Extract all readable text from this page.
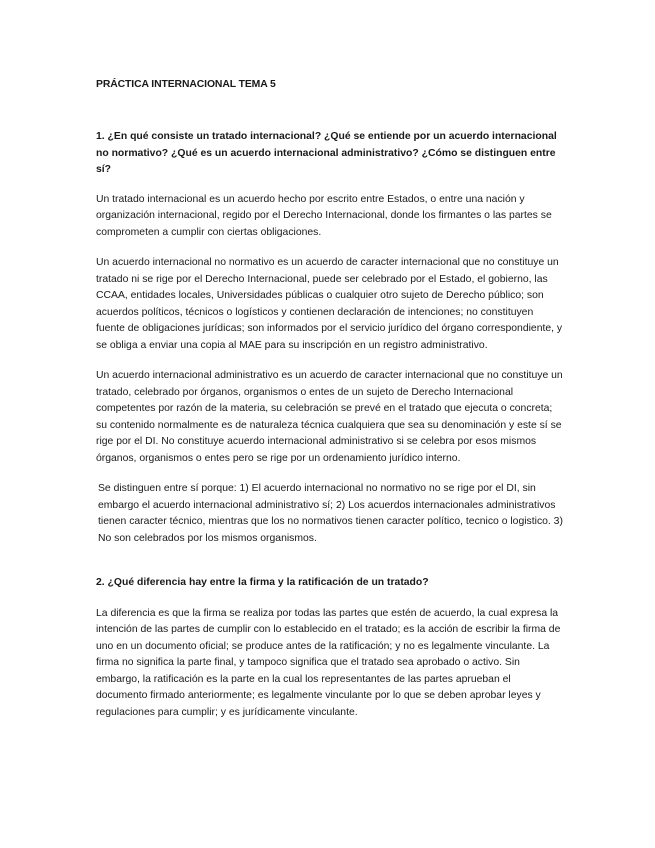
PRÁCTICA INTERNACIONAL TEMA 5

1. ¿En qué consiste un tratado internacional? ¿Qué se entiende por un acuerdo internacional no normativo? ¿Qué es un acuerdo internacional administrativo? ¿Cómo se distinguen entre sí?

Un tratado internacional es un acuerdo hecho por escrito entre Estados, o entre una nación y organización internacional, regido por el Derecho Internacional, donde los firmantes o las partes se comprometen a cumplir con ciertas obligaciones.

Un acuerdo internacional no normativo es un acuerdo de caracter internacional que no constituye un tratado ni se rige por el Derecho Internacional, puede ser celebrado por el Estado, el gobierno, las CCAA, entidades locales, Universidades públicas o cualquier otro sujeto de Derecho público; son acuerdos políticos, técnicos o logísticos y contienen declaración de intenciones; no constituyen fuente de obligaciones jurídicas; son informados por el servicio jurídico del órgano correspondiente, y se obliga a enviar una copia al MAE para su inscripción en un registro administrativo.

Un acuerdo internacional administrativo es un acuerdo de caracter internacional que no constituye un tratado, celebrado por órganos, organismos o entes de un sujeto de Derecho Internacional competentes por razón de la materia, su celebración se prevé en el tratado que ejecuta o concreta; su contenido normalmente es de naturaleza técnica cualquiera que sea su denominación y este sí se rige por el DI. No constituye acuerdo internacional administrativo si se celebra por esos mismos órganos, organismos o entes pero se rige por un ordenamiento jurídico interno.

Se distinguen entre sí porque: 1) El acuerdo internacional no normativo no se rige por el DI, sin embargo el acuerdo internacional administrativo sí; 2) Los acuerdos internacionales administrativos tienen caracter técnico, mientras que los no normativos tienen caracter político, tecnico o logistico. 3) No son celebrados por los mismos organismos.

2. ¿Qué diferencia hay entre la firma y la ratificación de un tratado?

La diferencia es que la firma se realiza por todas las partes que estén de acuerdo, la cual expresa la intención de las partes de cumplir con lo establecido en el tratado; es la acción de escribir la firma de uno en un documento oficial; se produce antes de la ratificación; y no es legalmente vinculante. La firma no significa la parte final, y tampoco significa que el tratado sea aprobado o activo. Sin embargo, la ratificación es la parte en la cual los representantes de las partes aprueban el documento firmado anteriormente; es legalmente vinculante por lo que se deben aprobar leyes y regulaciones para cumplir; y es jurídicamente vinculante.
